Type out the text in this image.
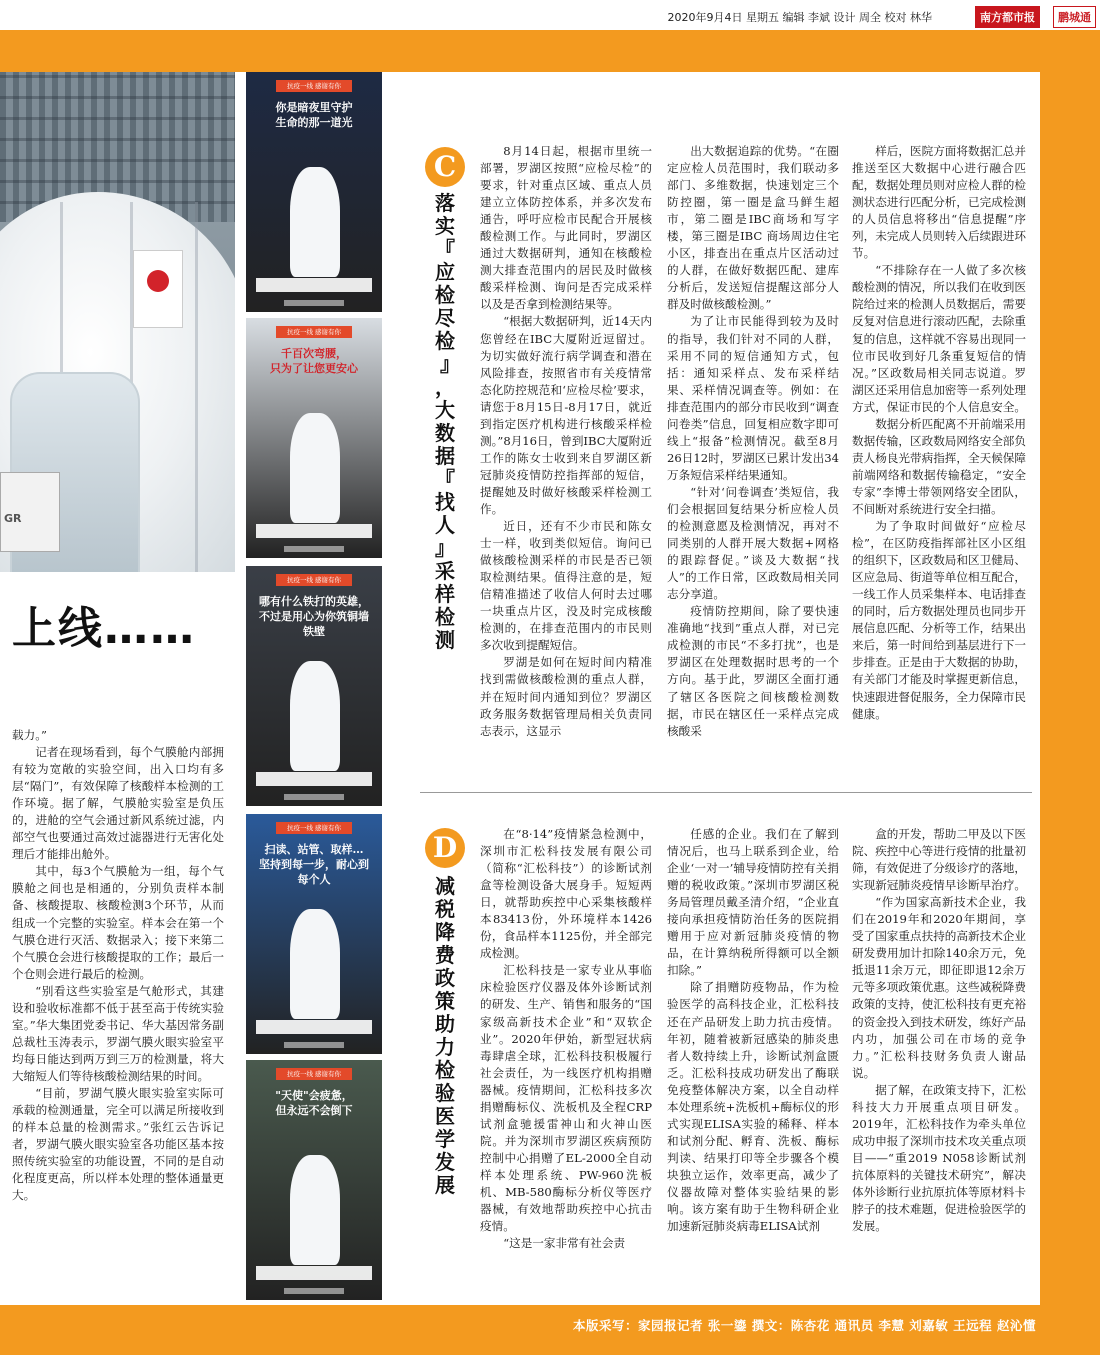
2020年9月4日 星期五 编辑 李斌 设计 周全 校对 林华	南方都市报	鹏城通
GR
上线……

载力。”

记者在现场看到，每个气膜舱内部拥有较为宽敞的实验空间，出入口均有多层“隔门”，有效保障了核酸样本检测的工作环境。据了解，气膜舱实验室是负压的，进舱的空气会通过新风系统过滤，内部空气也要通过高效过滤器进行无害化处理后才能排出舱外。

其中，每3个气膜舱为一组，每个气膜舱之间也是相通的，分别负责样本制备、核酸提取、核酸检测3个环节，从而组成一个完整的实验室。样本会在第一个气膜仓进行灭活、数据录入；接下来第二个气膜仓会进行核酸提取的工作；最后一个仓则会进行最后的检测。

“别看这些实验室是气舱形式，其建设和验收标准都不低于甚至高于传统实验室。”华大集团党委书记、华大基因常务副总裁杜玉涛表示，罗湖气膜火眼实验室平均每日能达到两万到三万的检测量，将大大缩短人们等待核酸检测结果的时间。

“目前，罗湖气膜火眼实验室实际可承载的检测通量，完全可以满足所接收到的样本总量的检测需求。”张红云告诉记者，罗湖气膜火眼实验室各功能区基本按照传统实验室的功能设置，不同的是自动化程度更高，所以样本处理的整体通量更大。

抗疫一线 感谢有你
你是暗夜里守护
生命的那一道光
抗疫一线 感谢有你
千百次弯腰，
只为了让您更安心
抗疫一线 感谢有你
哪有什么铁打的英雄，
不过是用心为你筑铜墙铁壁
抗疫一线 感谢有你
扫读、站管、取样…
坚持到每一步，耐心到每个人
抗疫一线 感谢有你
"天使"会疲惫，
但永远不会倒下
C
落实『应检尽检』，大数据『找人』采样检测

8月14日起，根据市里统一部署，罗湖区按照“应检尽检”的要求，针对重点区域、重点人员建立立体防控体系，并多次发布通告，呼吁应检市民配合开展核酸检测工作。与此同时，罗湖区通过大数据研判，通知在核酸检测大排查范围内的居民及时做核酸采样检测、询问是否完成采样以及是否拿到检测结果等。

“根据大数据研判，近14天内您曾经在IBC大厦附近逗留过。为切实做好流行病学调查和潜在风险排查，按照省市有关疫情常态化防控规范和‘应检尽检’要求，请您于8月15日-8月17日，就近到指定医疗机构进行核酸采样检测。”8月16日，曾到IBC大厦附近工作的陈女士收到来自罗湖区新冠肺炎疫情防控指挥部的短信，提醒她及时做好核酸采样检测工作。

近日，还有不少市民和陈女士一样，收到类似短信。询问已做核酸检测采样的市民是否已领取检测结果。值得注意的是，短信精准描述了收信人何时去过哪一块重点片区，没及时完成核酸检测的，在排查范围内的市民则多次收到提醒短信。

罗湖是如何在短时间内精准找到需做核酸检测的重点人群，并在短时间内通知到位？罗湖区政务服务数据管理局相关负责同志表示，这显示

出大数据追踪的优势。“在圈定应检人员范围时，我们联动多部门、多维数据，快速划定三个防控圈，第一圈是盒马鲜生超市，第二圈是IBC商场和写字楼，第三圈是IBC 商场周边住宅小区，排查出在重点片区活动过的人群，在做好数据匹配、建库分析后，发送短信提醒这部分人群及时做核酸检测。”

为了让市民能得到较为及时的指导，我们针对不同的人群，采用不同的短信通知方式，包括：通知采样点、发布采样结果、采样情况调查等。例如：在排查范围内的部分市民收到“调查问卷类”信息，回复相应数字即可线上“报备”检测情况。截至8月26日12时，罗湖区已累计发出34万条短信采样结果通知。

“针对‘问卷调查’类短信，我们会根据回复结果分析应检人员的检测意愿及检测情况，再对不同类别的人群开展大数据+网格的跟踪督促。”谈及大数据“找人”的工作日常，区政数局相关同志分享道。

疫情防控期间，除了要快速准确地“找到”重点人群，对已完成检测的市民“不多打扰”，也是罗湖区在处理数据时思考的一个方向。基于此，罗湖区全面打通了辖区各医院之间核酸检测数据，市民在辖区任一采样点完成核酸采

样后，医院方面将数据汇总并推送至区大数据中心进行融合匹配，数据处理员则对应检人群的检测状态进行匹配分析，已完成检测的人员信息将移出“信息提醒”序列，未完成人员则转入后续跟进环节。

“不排除存在一人做了多次核酸检测的情况，所以我们在收到医院给过来的检测人员数据后，需要反复对信息进行滚动匹配，去除重复的信息，这样就不容易出现同一位市民收到好几条重复短信的情况。”区政数局相关同志说道。罗湖区还采用信息加密等一系列处理方式，保证市民的个人信息安全。

数据分析匹配离不开前端采用数据传输，区政数局网络安全部负责人杨良光带病指挥，全天候保障前端网络和数据传输稳定，“安全专家”李博士带领网络安全团队，不间断对系统进行安全扫描。

为了争取时间做好“应检尽检”，在区防疫指挥部社区小区组的组织下，区政数局和区卫健局、区应急局、街道等单位相互配合，一线工作人员采集样本、电话排查的同时，后方数据处理员也同步开展信息匹配、分析等工作，结果出来后，第一时间给到基层进行下一步排查。正是由于大数据的协助，有关部门才能及时掌握更新信息，快速跟进督促服务，全力保障市民健康。

D
减税降费政策助力检验医学发展

在“8·14”疫情紧急检测中，深圳市汇松科技发展有限公司（简称“汇松科技”）的诊断试剂盒等检测设备大展身手。短短两日，就帮助疾控中心采集核酸样本83413份，外环境样本1426份，食品样本1125份，并全部完成检测。

汇松科技是一家专业从事临床检验医疗仪器及体外诊断试剂的研发、生产、销售和服务的“国家级高新技术企业”和“双软企业”。2020年伊始，新型冠状病毒肆虐全球，汇松科技积极履行社会责任，为一线医疗机构捐赠器械。疫情期间，汇松科技多次捐赠酶标仪、洗板机及全程CRP试剂盒驰援雷神山和火神山医院。并为深圳市罗湖区疾病预防控制中心捐赠了EL-2000全自动样本处理系统、PW-960洗板机、MB-580酶标分析仪等医疗器械，有效地帮助疾控中心抗击疫情。

“这是一家非常有社会责

任感的企业。我们在了解到情况后，也马上联系到企业，给企业‘一对一’辅导疫情防控有关捐赠的税收政策。”深圳市罗湖区税务局管理员戴圣清介绍，“企业直接向承担疫情防治任务的医院捐赠用于应对新冠肺炎疫情的物品，在计算纳税所得额可以全额扣除。”

除了捐赠防疫物品，作为检验医学的高科技企业，汇松科技还在产品研发上助力抗击疫情。年初，随着被新冠感染的肺炎患者人数持续上升，诊断试剂盒匮乏。汇松科技成功研发出了酶联免疫整体解决方案，以全自动样本处理系统+洗板机+酶标仪的形式实现ELISA实验的稀释、样本和试剂分配、孵育、洗板、酶标判读、结果打印等全步骤各个模块独立运作，效率更高，减少了仪器故障对整体实验结果的影响。该方案有助于生物科研企业加速新冠肺炎病毒ELISA试剂

盒的开发，帮助二甲及以下医院、疾控中心等进行疫情的批量初筛，有效促进了分级诊疗的落地，实现新冠肺炎疫情早诊断早治疗。

“作为国家高新技术企业，我们在2019年和2020年期间，享受了国家重点扶持的高新技术企业研发费用加计扣除140余万元，免抵退11余万元，即征即退12余万元等多项政策优惠。这些减税降费政策的支持，使汇松科技有更充裕的资金投入到技术研发，练好产品内功，加强公司在市场的竞争力。”汇松科技财务负责人谢品说。

据了解，在政策支持下，汇松科技大力开展重点项目研发。2019年，汇松科技作为牵头单位成功申报了深圳市技术攻关重点项目——“重2019 N058诊断试剂抗体原料的关键技术研究”，解决体外诊断行业抗原抗体等原材料卡脖子的技术难题，促进检验医学的发展。

本版采写：家园报记者 张一鎏 撰文：陈杏花 通讯员 李慧 刘嘉敏 王远程 赵沁懂
